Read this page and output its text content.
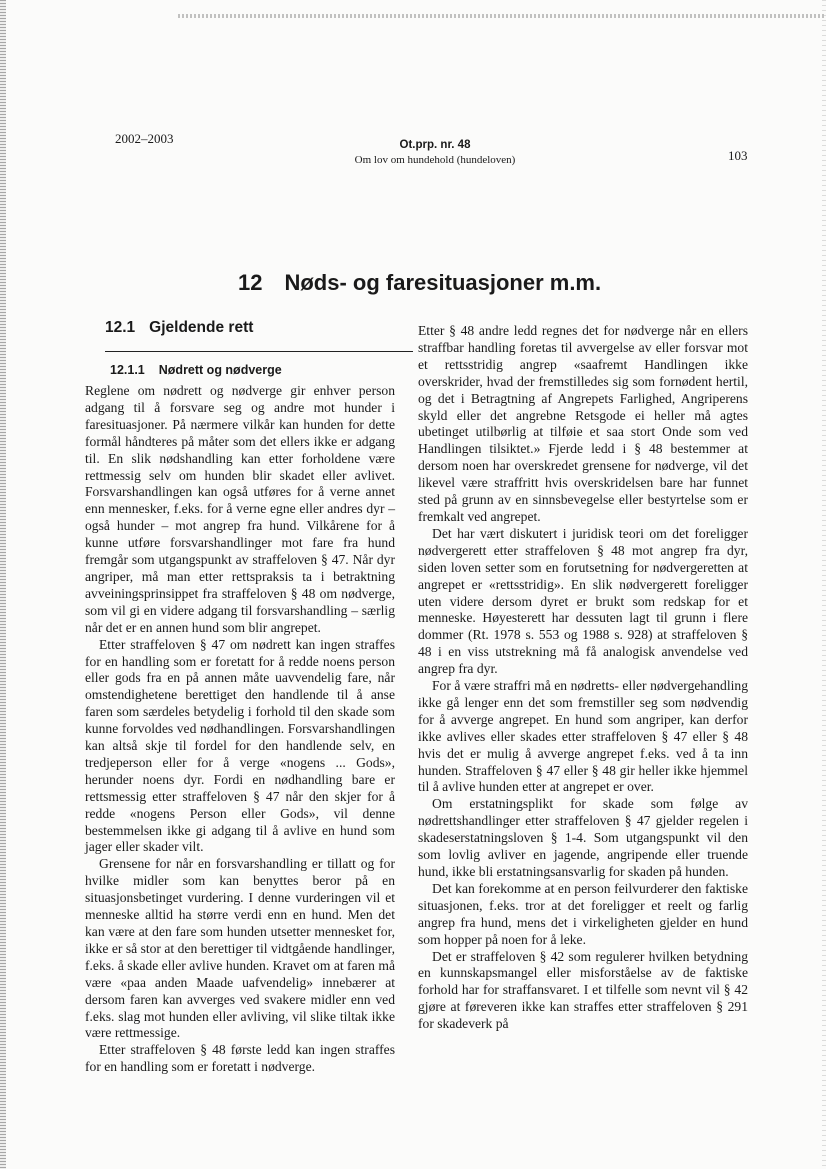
2002–2003	Ot.prp. nr. 48
Om lov om hundehold (hundeloven)	103
12 Nøds- og faresituasjoner m.m.
12.1 Gjeldende rett
12.1.1 Nødrett og nødverge

Reglene om nødrett og nødverge gir enhver person adgang til å forsvare seg og andre mot hunder i faresituasjoner. På nærmere vilkår kan hunden for dette formål håndteres på måter som det ellers ikke er adgang til. En slik nødshandling kan etter forholdene være rettmessig selv om hunden blir skadet eller avlivet. Forsvarshandlingen kan også utføres for å verne annet enn mennesker, f.eks. for å verne egne eller andres dyr – også hunder – mot angrep fra hund. Vilkårene for å kunne utføre forsvarshandlinger mot fare fra hund fremgår som utgangspunkt av straffeloven § 47. Når dyr angriper, må man etter rettspraksis ta i betraktning avveiningsprinsippet fra straffeloven § 48 om nødverge, som vil gi en videre adgang til forsvarshandling – særlig når det er en annen hund som blir angrepet.

Etter straffeloven § 47 om nødrett kan ingen straffes for en handling som er foretatt for å redde noens person eller gods fra en på annen måte uavvendelig fare, når omstendighetene berettiget den handlende til å anse faren som særdeles betydelig i forhold til den skade som kunne forvoldes ved nødhandlingen. Forsvarshandlingen kan altså skje til fordel for den handlende selv, en tredjeperson eller for å verge «nogens ... Gods», herunder noens dyr. Fordi en nødhandling bare er rettsmessig etter straffeloven § 47 når den skjer for å redde «nogens Person eller Gods», vil denne bestemmelsen ikke gi adgang til å avlive en hund som jager eller skader vilt.

Grensene for når en forsvarshandling er tillatt og for hvilke midler som kan benyttes beror på en situasjonsbetinget vurdering. I denne vurderingen vil et menneske alltid ha større verdi enn en hund. Men det kan være at den fare som hunden utsetter mennesket for, ikke er så stor at den berettiger til vidtgående handlinger, f.eks. å skade eller avlive hunden. Kravet om at faren må være «paa anden Maade uafvendelig» innebærer at dersom faren kan avverges ved svakere midler enn ved f.eks. slag mot hunden eller avliving, vil slike tiltak ikke være rettmessige.

Etter straffeloven § 48 første ledd kan ingen straffes for en handling som er foretatt i nødverge.

Etter § 48 andre ledd regnes det for nødverge når en ellers straffbar handling foretas til avvergelse av eller forsvar mot et rettsstridig angrep «saafremt Handlingen ikke overskrider, hvad der fremstilledes sig som fornødent hertil, og det i Betragtning af Angrepets Farlighed, Angriperens skyld eller det angrebne Retsgode ei heller må agtes ubetinget utilbørlig at tilføie et saa stort Onde som ved Handlingen tilsiktet.» Fjerde ledd i § 48 bestemmer at dersom noen har overskredet grensene for nødverge, vil det likevel være straffritt hvis overskridelsen bare har funnet sted på grunn av en sinnsbevegelse eller bestyrtelse som er fremkalt ved angrepet.

Det har vært diskutert i juridisk teori om det foreligger nødvergerett etter straffeloven § 48 mot angrep fra dyr, siden loven setter som en forutsetning for nødvergeretten at angrepet er «rettsstridig». En slik nødvergerett foreligger uten videre dersom dyret er brukt som redskap for et menneske. Høyesterett har dessuten lagt til grunn i flere dommer (Rt. 1978 s. 553 og 1988 s. 928) at straffeloven § 48 i en viss utstrekning må få analogisk anvendelse ved angrep fra dyr.

For å være straffri må en nødretts- eller nødvergehandling ikke gå lenger enn det som fremstiller seg som nødvendig for å avverge angrepet. En hund som angriper, kan derfor ikke avlives eller skades etter straffeloven § 47 eller § 48 hvis det er mulig å avverge angrepet f.eks. ved å ta inn hunden. Straffeloven § 47 eller § 48 gir heller ikke hjemmel til å avlive hunden etter at angrepet er over.

Om erstatningsplikt for skade som følge av nødrettshandlinger etter straffeloven § 47 gjelder regelen i skadeserstatningsloven § 1-4. Som utgangspunkt vil den som lovlig avliver en jagende, angripende eller truende hund, ikke bli erstatningsansvarlig for skaden på hunden.

Det kan forekomme at en person feilvurderer den faktiske situasjonen, f.eks. tror at det foreligger et reelt og farlig angrep fra hund, mens det i virkeligheten gjelder en hund som hopper på noen for å leke.

Det er straffeloven § 42 som regulerer hvilken betydning en kunnskapsmangel eller misforståelse av de faktiske forhold har for straffansvaret. I et tilfelle som nevnt vil § 42 gjøre at føreveren ikke kan straffes etter straffeloven § 291 for skadeverk på
